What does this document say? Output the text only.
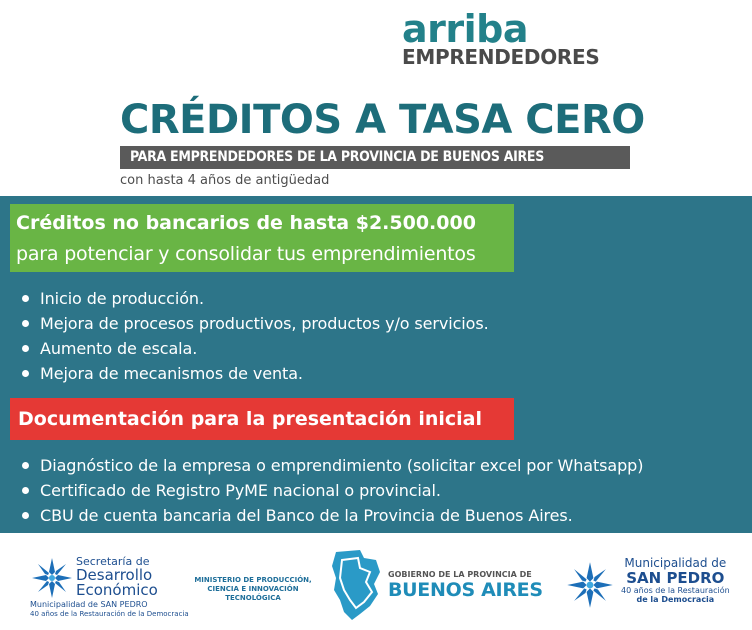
arriba
EMPRENDEDORES
CRÉDITOS A TASA CERO
PARA EMPRENDEDORES DE LA PROVINCIA DE BUENOS AIRES
con hasta 4 años de antigüedad
Créditos no bancarios de hasta $2.500.000
para potenciar y consolidar tus emprendimientos
Inicio de producción.
Mejora de procesos productivos, productos y/o servicios.
Aumento de escala.
Mejora de mecanismos de venta.
Documentación para la presentación inicial
Diagnóstico de la empresa o emprendimiento (solicitar excel por Whatsapp)
Certificado de Registro PyME nacional o provincial.
CBU de cuenta bancaria del Banco de la Provincia de Buenos Aires.
Secretaría de
Desarrollo
Económico
Municipalidad de SAN PEDRO
40 años de la Restauración de la Democracia
MINISTERIO DE PRODUCCIÓN,
CIENCIA E INNOVACIÓN TECNOLÓGICA
GOBIERNO DE LA PROVINCIA DE
BUENOS AIRES
Municipalidad de
SAN PEDRO
40 años de la Restauración
de la Democracia
